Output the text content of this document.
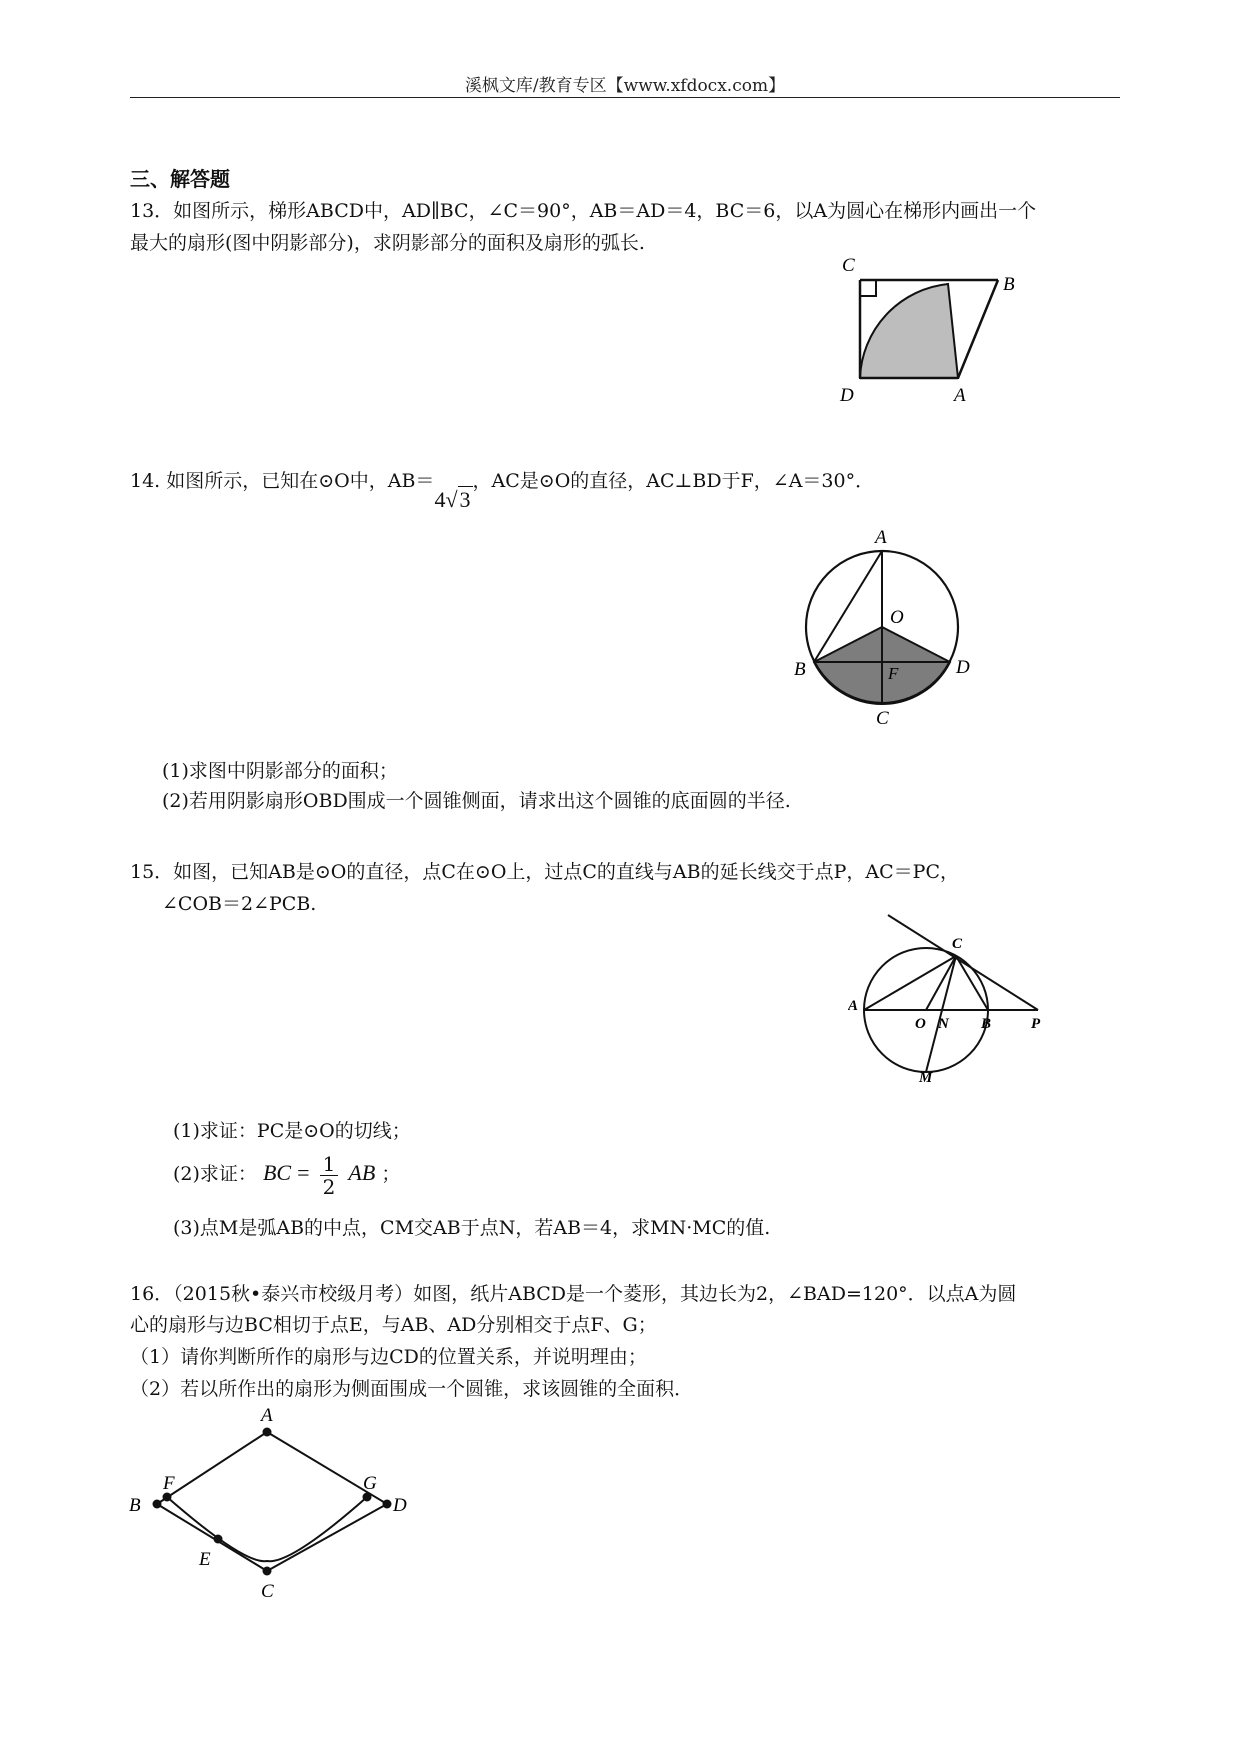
溪枫文库/教育专区【www.xfdocx.com】
三、解答题
13．如图所示，梯形ABCD中，AD∥BC，∠C＝90°，AB＝AD＝4，BC＝6，以A为圆心在梯形内画出一个
最大的扇形(图中阴影部分)，求阴影部分的面积及扇形的弧长.
C
B
D	A
14. 如图所示，已知在⊙O中，AB＝4√3，AC是⊙O的直径，AC⊥BD于F，∠A＝30°．
A
O
B	D
F
C
(1)求图中阴影部分的面积；
(2)若用阴影扇形OBD围成一个圆锥侧面，请求出这个圆锥的底面圆的半径.
15．如图，已知AB是⊙O的直径，点C在⊙O上，过点C的直线与AB的延长线交于点P，AC＝PC，
∠COB＝2∠PCB.
C
A
O N B	P
M
(1)求证：PC是⊙O的切线；
(2)求证： BC = $\frac{1}{2}$ AB ；
(3)点M是弧AB的中点，CM交AB于点N，若AB＝4，求MN·MC的值.
16．（2015秋•泰兴市校级月考）如图，纸片ABCD是一个菱形，其边长为2，∠BAD=120°．以点A为圆
心的扇形与边BC相切于点E，与AB、AD分别相交于点F、G；
（1）请你判断所作的扇形与边CD的位置关系，并说明理由；
（2）若以所作出的扇形为侧面围成一个圆锥，求该圆锥的全面积．
A
F	G
B	D
E
C
